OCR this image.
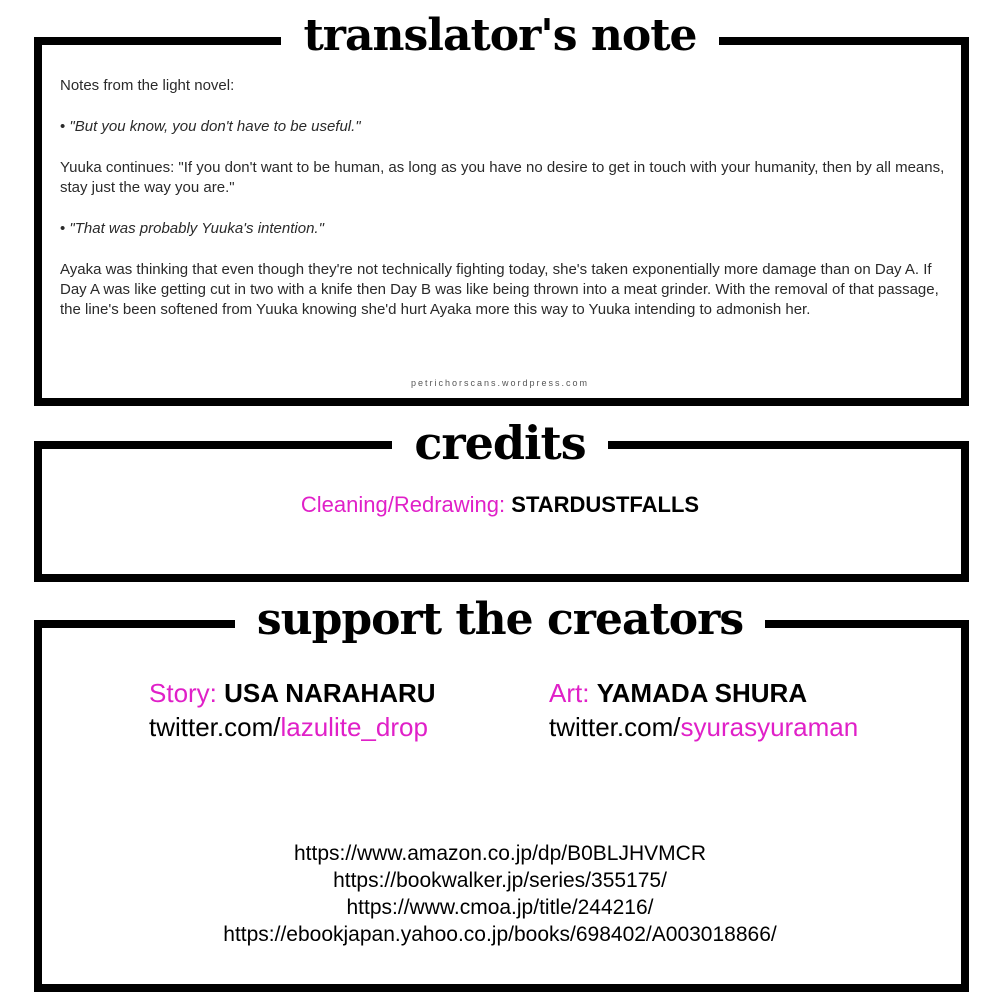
translator's note

Notes from the light novel:

• "But you know, you don't have to be useful."

Yuuka continues: "If you don't want to be human, as long as you have no desire to get in touch with your humanity, then by all means, stay just the way you are."

• "That was probably Yuuka's intention."

Ayaka was thinking that even though they're not technically fighting today, she's taken exponentially more damage than on Day A. If Day A was like getting cut in two with a knife then Day B was like being thrown into a meat grinder. With the removal of that passage, the line's been softened from Yuuka knowing she'd hurt Ayaka more this way to Yuuka intending to admonish her.

petrichorscans.wordpress.com
credits
Cleaning/Redrawing: STARDUSTFALLS
support the creators
Story: USA NARAHARU
twitter.com/lazulite_drop
Art: YAMADA SHURA
twitter.com/syurasyuraman
https://www.amazon.co.jp/dp/B0BLJHVMCR
https://bookwalker.jp/series/355175/
https://www.cmoa.jp/title/244216/
https://ebookjapan.yahoo.co.jp/books/698402/A003018866/
